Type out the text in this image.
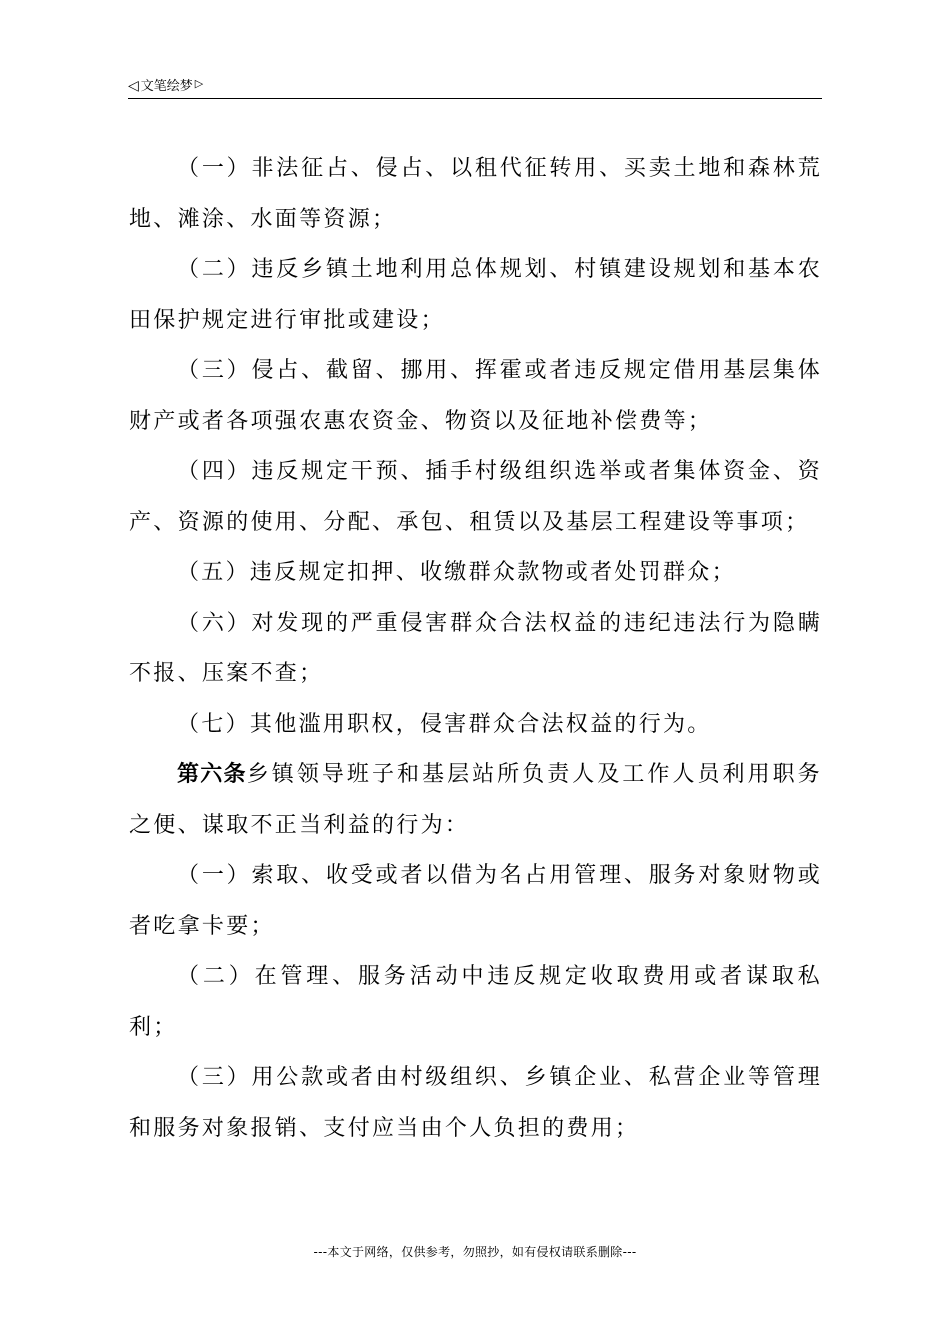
◁ 文笔绘梦 ▷

（一）非法征占、侵占、以租代征转用、买卖土地和森林荒地、滩涂、水面等资源；

（二）违反乡镇土地利用总体规划、村镇建设规划和基本农田保护规定进行审批或建设；

（三）侵占、截留、挪用、挥霍或者违反规定借用基层集体财产或者各项强农惠农资金、物资以及征地补偿费等；

（四）违反规定干预、插手村级组织选举或者集体资金、资产、资源的使用、分配、承包、租赁以及基层工程建设等事项；

（五）违反规定扣押、收缴群众款物或者处罚群众；

（六）对发现的严重侵害群众合法权益的违纪违法行为隐瞒不报、压案不查；

（七）其他滥用职权，侵害群众合法权益的行为。

第六条乡镇领导班子和基层站所负责人及工作人员利用职务之便、谋取不正当利益的行为：

（一）索取、收受或者以借为名占用管理、服务对象财物或者吃拿卡要；

（二）在管理、服务活动中违反规定收取费用或者谋取私利；

（三）用公款或者由村级组织、乡镇企业、私营企业等管理和服务对象报销、支付应当由个人负担的费用；

---本文于网络，仅供参考，勿照抄，如有侵权请联系删除---
